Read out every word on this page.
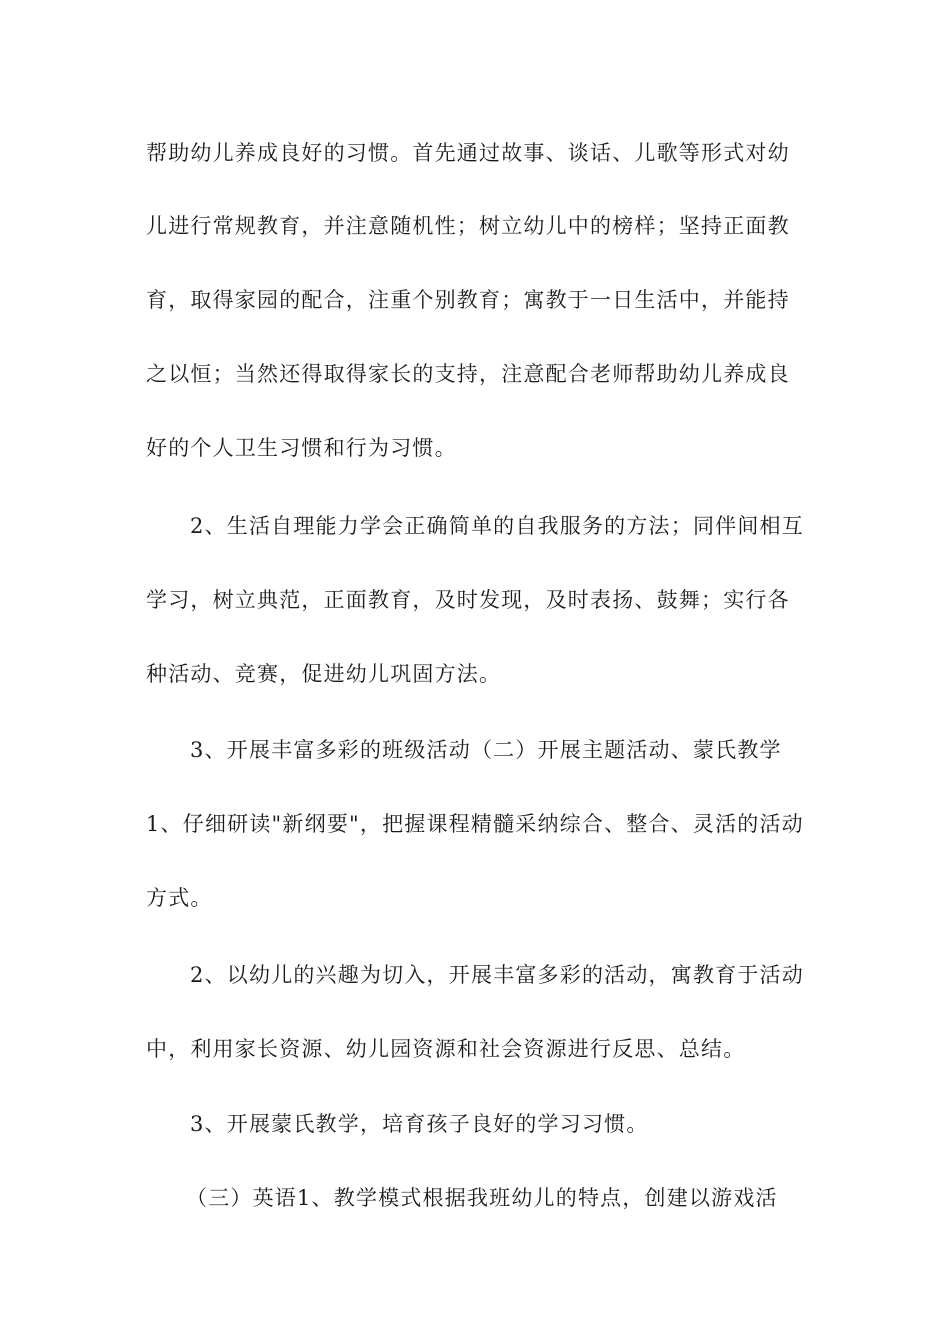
帮助幼儿养成良好的习惯。首先通过故事、谈话、儿歌等形式对幼
儿进行常规教育，并注意随机性；树立幼儿中的榜样；坚持正面教
育，取得家园的配合，注重个别教育；寓教于一日生活中，并能持
之以恒；当然还得取得家长的支持，注意配合老师帮助幼儿养成良
好的个人卫生习惯和行为习惯。
2、生活自理能力学会正确简单的自我服务的方法；同伴间相互
学习，树立典范，正面教育，及时发现，及时表扬、鼓舞；实行各
种活动、竞赛，促进幼儿巩固方法。
3、开展丰富多彩的班级活动（二）开展主题活动、蒙氏教学
1、仔细研读"新纲要"，把握课程精髓采纳综合、整合、灵活的活动
方式。
2、以幼儿的兴趣为切入，开展丰富多彩的活动，寓教育于活动
中，利用家长资源、幼儿园资源和社会资源进行反思、总结。
3、开展蒙氏教学，培育孩子良好的学习习惯。
（三）英语1、教学模式根据我班幼儿的特点，创建以游戏活
